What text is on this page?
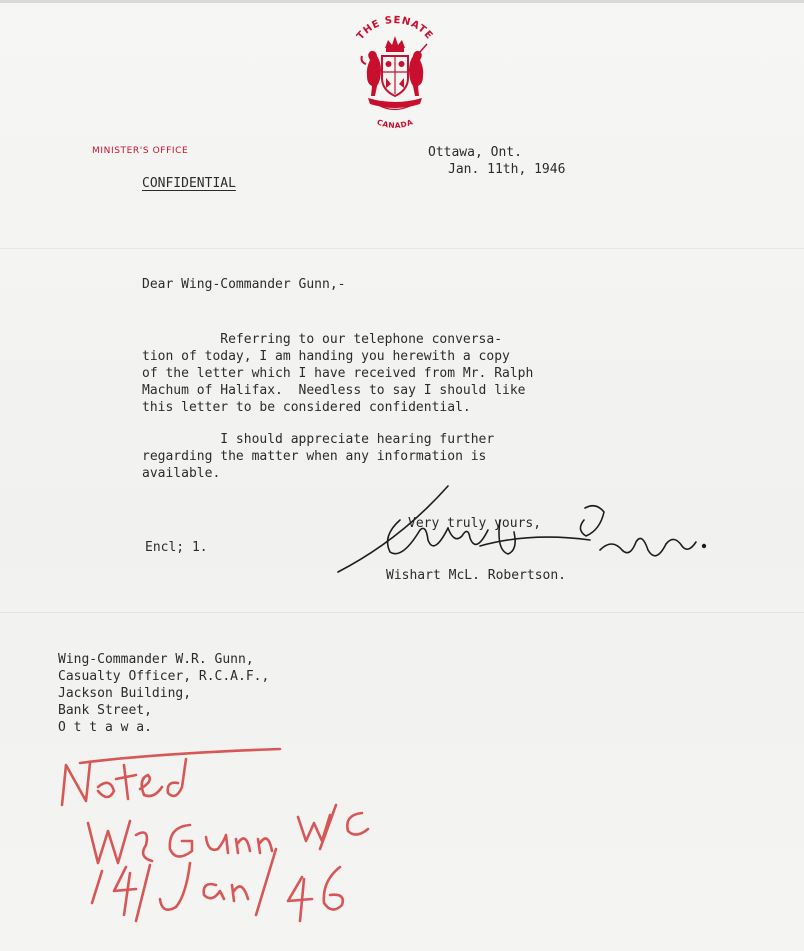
THE SENATE
CANADA
MINISTER'S OFFICE	Ottawa, Ont.
Jan. 11th, 1946
CONFIDENTIAL
Dear Wing-Commander Gunn,-
Referring to our telephone conversa-
tion of today, I am handing you herewith a copy
of the letter which I have received from Mr. Ralph
Machum of Halifax.  Needless to say I should like
this letter to be considered confidential.
I should appreciate hearing further
regarding the matter when any information is
available.
Encl; 1.
Very truly yours,
Wishart McL. Robertson.
Wing-Commander W.R. Gunn,
Casualty Officer, R.C.A.F.,
Jackson Building,
Bank Street,
O t t a w a.
